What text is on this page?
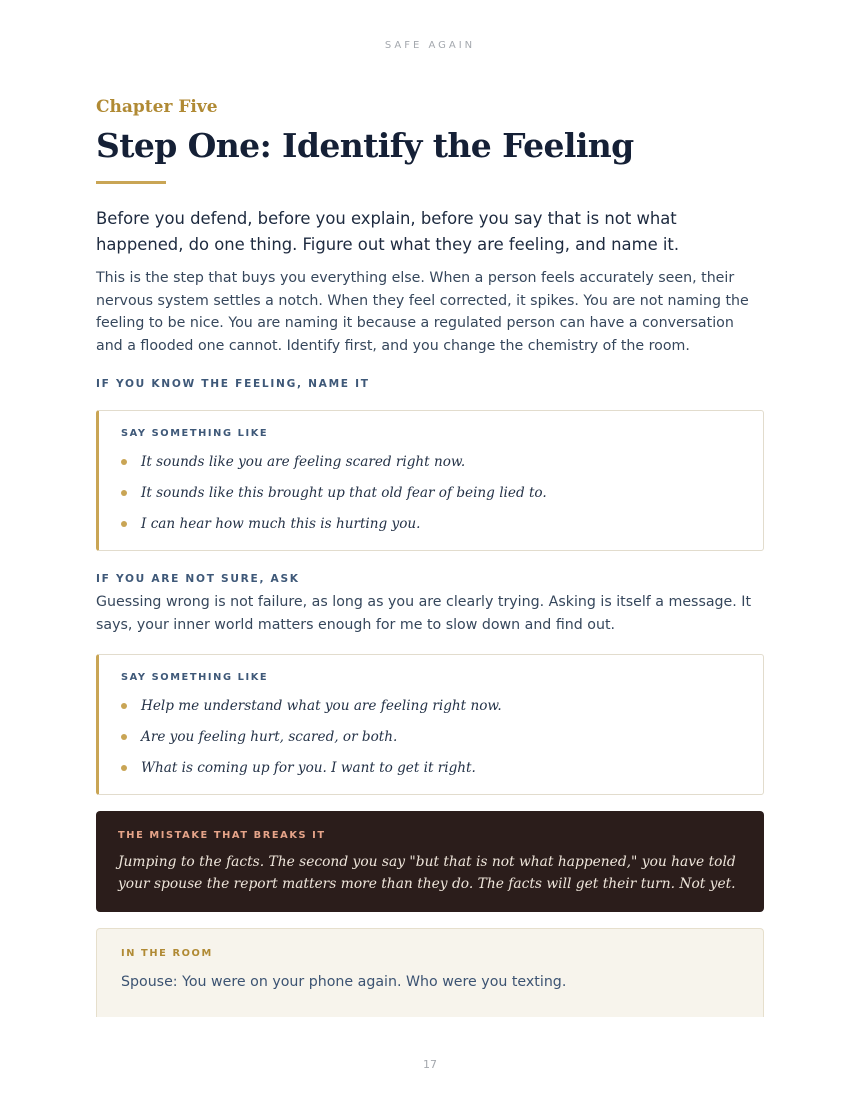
SAFE AGAIN

Chapter Five

Step One: Identify the Feeling

Before you defend, before you explain, before you say that is not what happened, do one thing. Figure out what they are feeling, and name it.

This is the step that buys you everything else. When a person feels accurately seen, their nervous system settles a notch. When they feel corrected, it spikes. You are not naming the feeling to be nice. You are naming it because a regulated person can have a conversation and a flooded one cannot. Identify first, and you change the chemistry of the room.

IF YOU KNOW THE FEELING, NAME IT

SAY SOMETHING LIKE

It sounds like you are feeling scared right now.
It sounds like this brought up that old fear of being lied to.
I can hear how much this is hurting you.
IF YOU ARE NOT SURE, ASK

Guessing wrong is not failure, as long as you are clearly trying. Asking is itself a message. It says, your inner world matters enough for me to slow down and find out.

SAY SOMETHING LIKE

Help me understand what you are feeling right now.
Are you feeling hurt, scared, or both.
What is coming up for you. I want to get it right.

THE MISTAKE THAT BREAKS IT

Jumping to the facts. The second you say "but that is not what happened," you have told your spouse the report matters more than they do. The facts will get their turn. Not yet.

IN THE ROOM

Spouse: You were on your phone again. Who were you texting.

17
